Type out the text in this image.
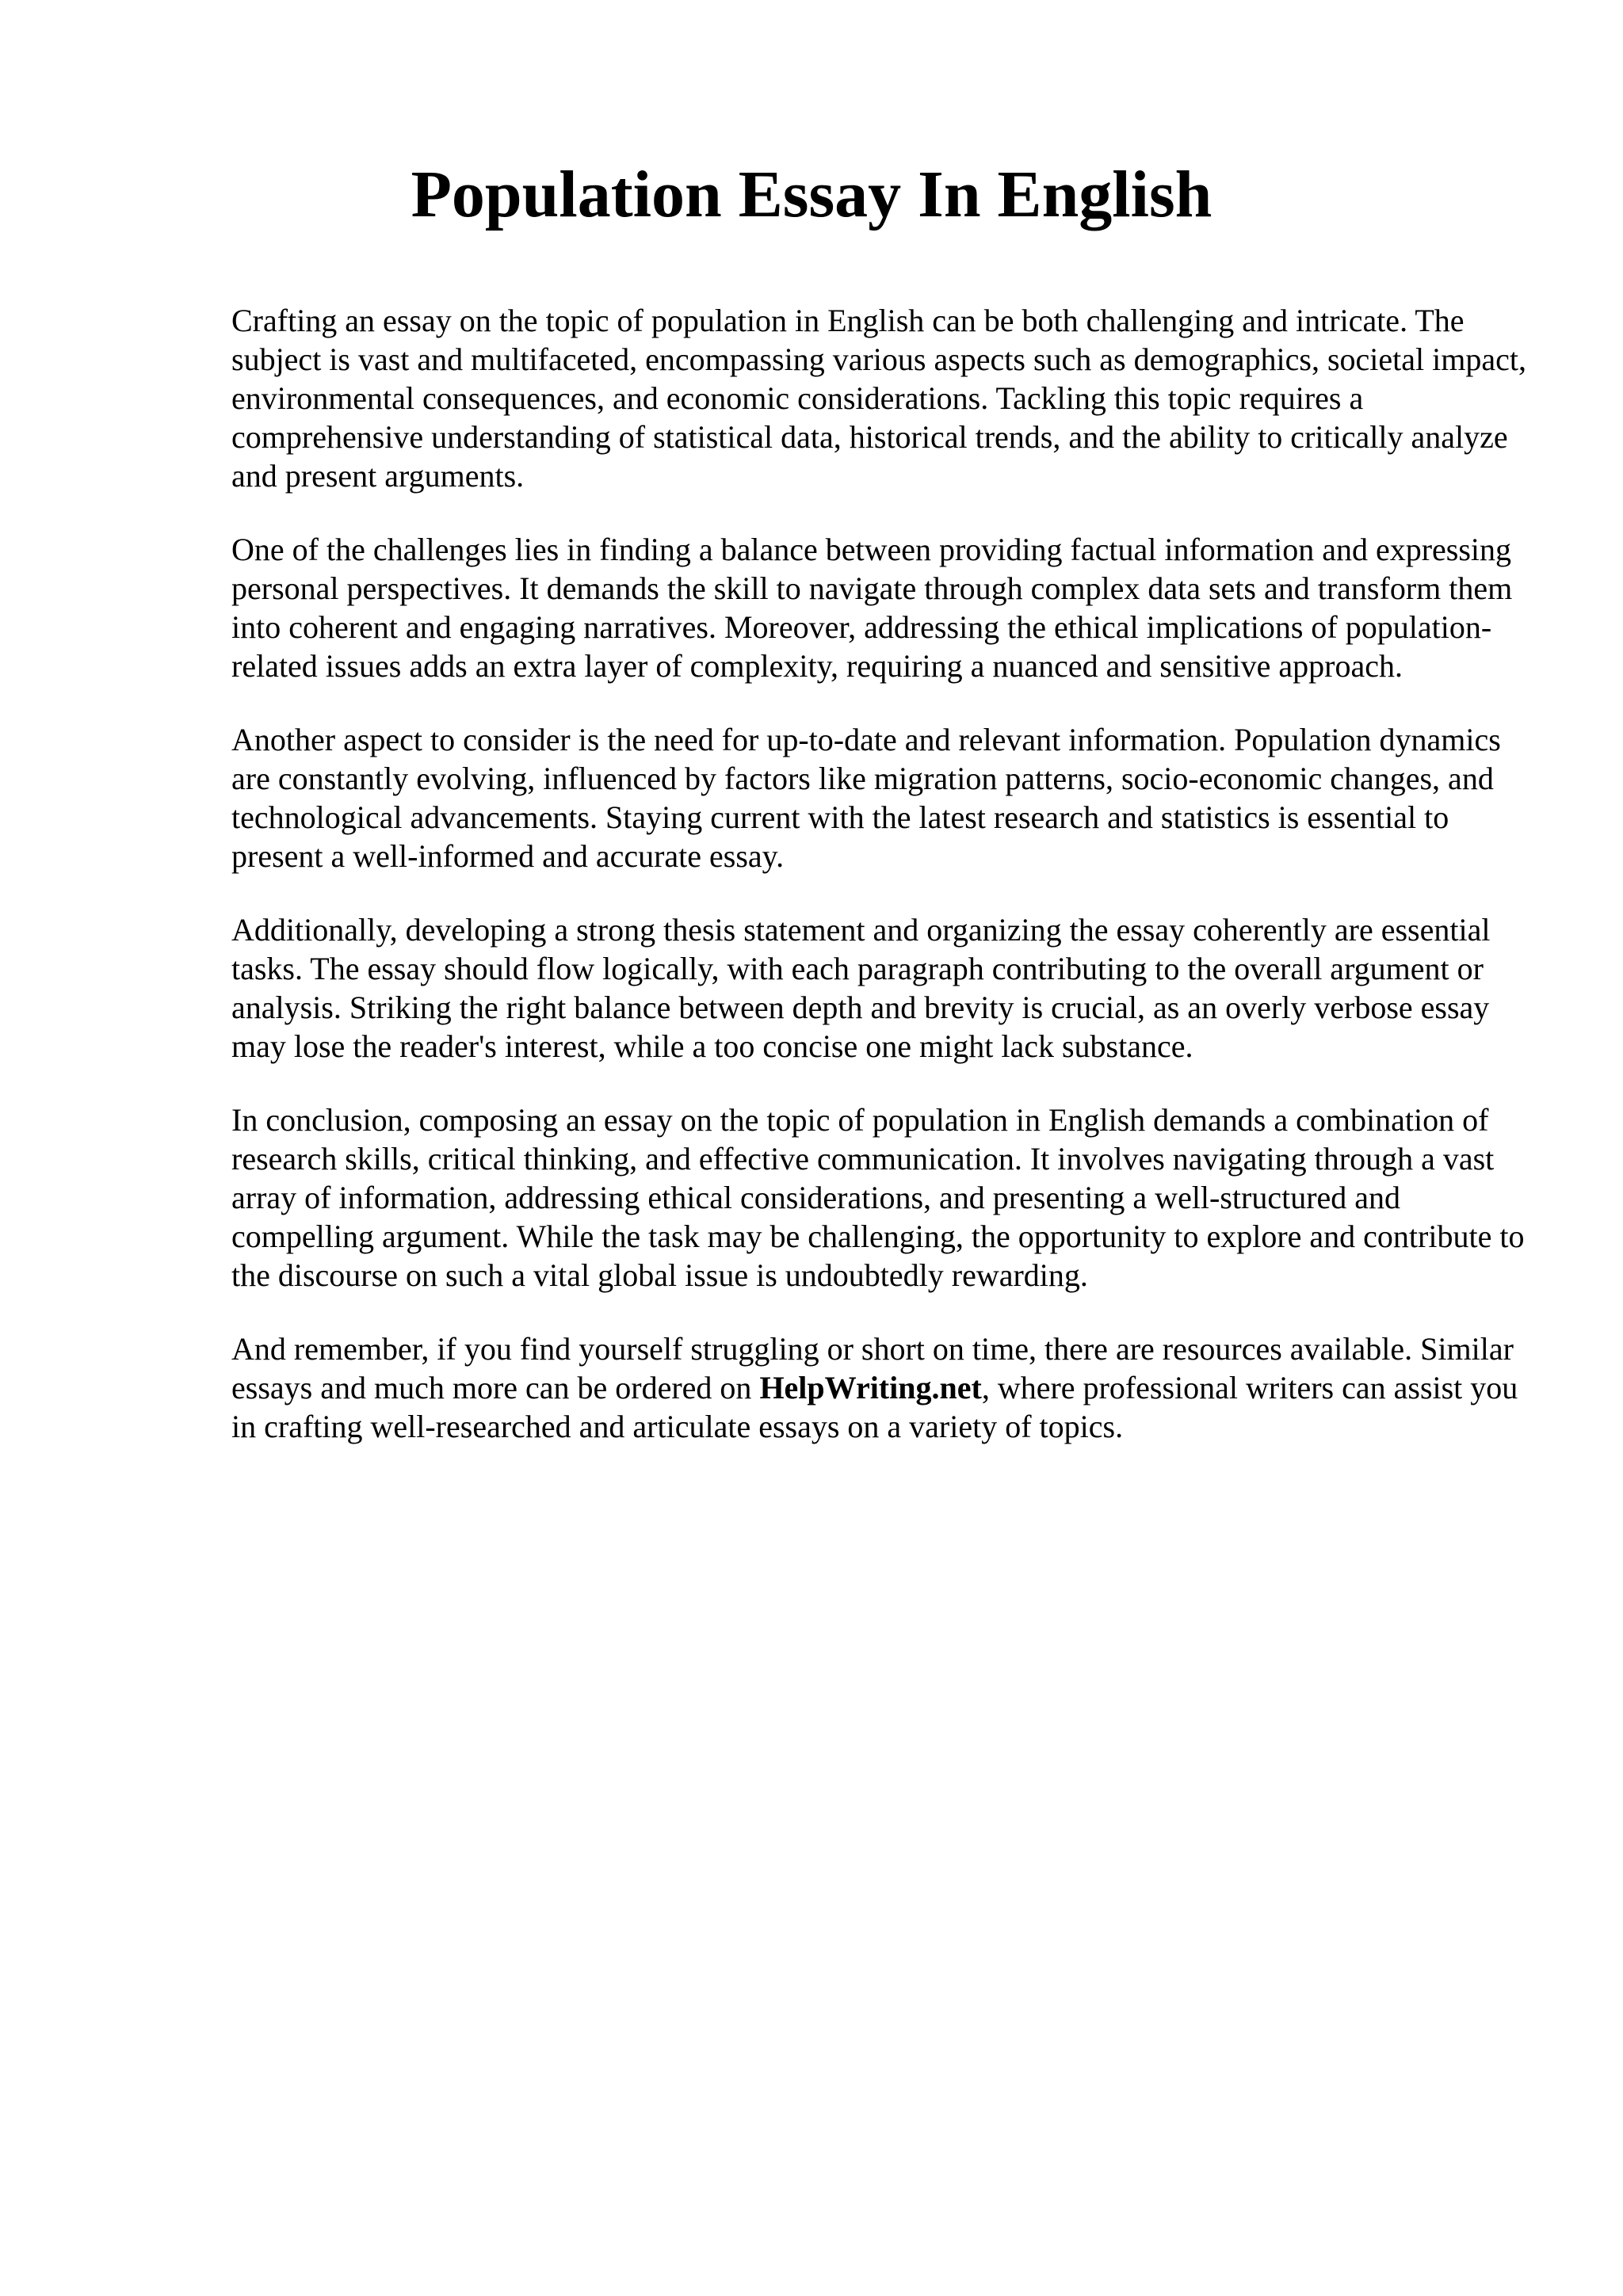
Population Essay In English

Crafting an essay on the topic of population in English can be both challenging and intricate. The subject is vast and multifaceted, encompassing various aspects such as demographics, societal impact, environmental consequences, and economic considerations. Tackling this topic requires a comprehensive understanding of statistical data, historical trends, and the ability to critically analyze and present arguments.

One of the challenges lies in finding a balance between providing factual information and expressing personal perspectives. It demands the skill to navigate through complex data sets and transform them into coherent and engaging narratives. Moreover, addressing the ethical implications of population-related issues adds an extra layer of complexity, requiring a nuanced and sensitive approach.

Another aspect to consider is the need for up-to-date and relevant information. Population dynamics are constantly evolving, influenced by factors like migration patterns, socio-economic changes, and technological advancements. Staying current with the latest research and statistics is essential to present a well-informed and accurate essay.

Additionally, developing a strong thesis statement and organizing the essay coherently are essential tasks. The essay should flow logically, with each paragraph contributing to the overall argument or analysis. Striking the right balance between depth and brevity is crucial, as an overly verbose essay may lose the reader's interest, while a too concise one might lack substance.

In conclusion, composing an essay on the topic of population in English demands a combination of research skills, critical thinking, and effective communication. It involves navigating through a vast array of information, addressing ethical considerations, and presenting a well-structured and compelling argument. While the task may be challenging, the opportunity to explore and contribute to the discourse on such a vital global issue is undoubtedly rewarding.

And remember, if you find yourself struggling or short on time, there are resources available. Similar essays and much more can be ordered on HelpWriting.net, where professional writers can assist you in crafting well-researched and articulate essays on a variety of topics.
